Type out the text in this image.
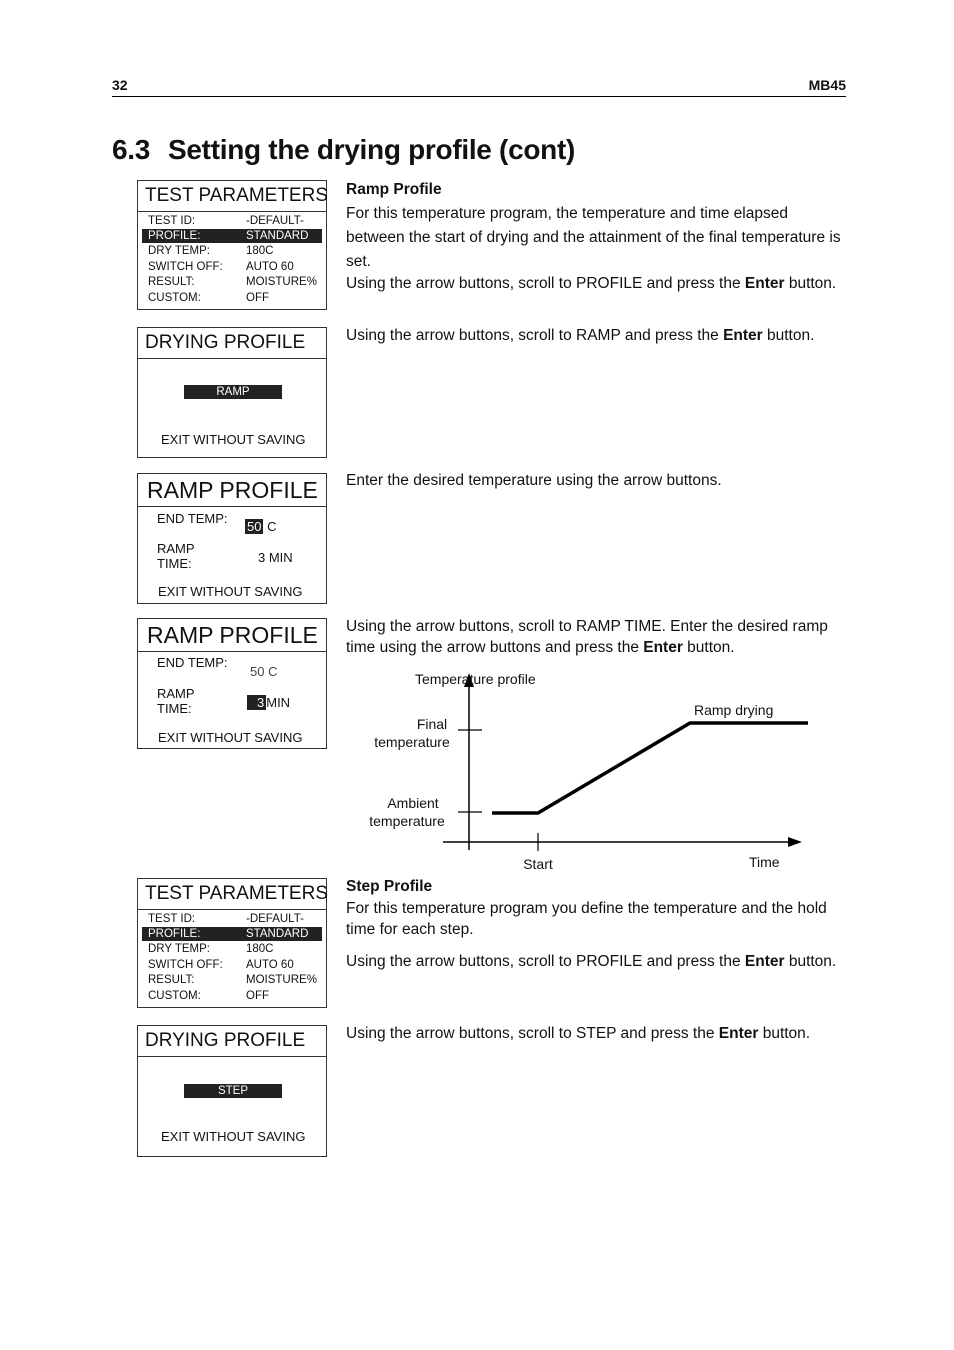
32	MB45
6.3 Setting the drying profile (cont)
TEST PARAMETERS
TEST ID:	-DEFAULT-
PROFILE:	STANDARD
DRY TEMP:	180C
SWITCH OFF: AUTO 60
RESULT:	MOISTURE%
CUSTOM:	OFF
DRYING PROFILE
RAMP
EXIT WITHOUT SAVING
RAMP PROFILE
END TEMP:
50 C
RAMP
TIME:	3 MIN
EXIT WITHOUT SAVING
RAMP PROFILE
END TEMP:
50 C
RAMP
TIME:	3 MIN
EXIT WITHOUT SAVING
TEST PARAMETERS
TEST ID:	-DEFAULT-
PROFILE:	STANDARD
DRY TEMP:	180C
SWITCH OFF: AUTO 60
RESULT:	MOISTURE%
CUSTOM:	OFF
DRYING PROFILE
STEP
EXIT WITHOUT SAVING

Ramp Profile

For this temperature program, the temperature and time elapsed between the start of drying and the attainment of the final temperature is set.

Using the arrow buttons, scroll to PROFILE and press the Enter button.

Using the arrow buttons, scroll to RAMP and press the Enter button.

Enter the desired temperature using the arrow buttons.

Using the arrow buttons, scroll to RAMP TIME. Enter the desired ramp time using the arrow buttons and press the Enter button.

Temperature profile
Final
temperature
Ambient
temperature
Ramp drying
Start	Time

Step Profile

For this temperature program you define the temperature and the hold time for each step.

Using the arrow buttons, scroll to PROFILE and press the Enter button.

Using the arrow buttons, scroll to STEP and press the Enter button.
